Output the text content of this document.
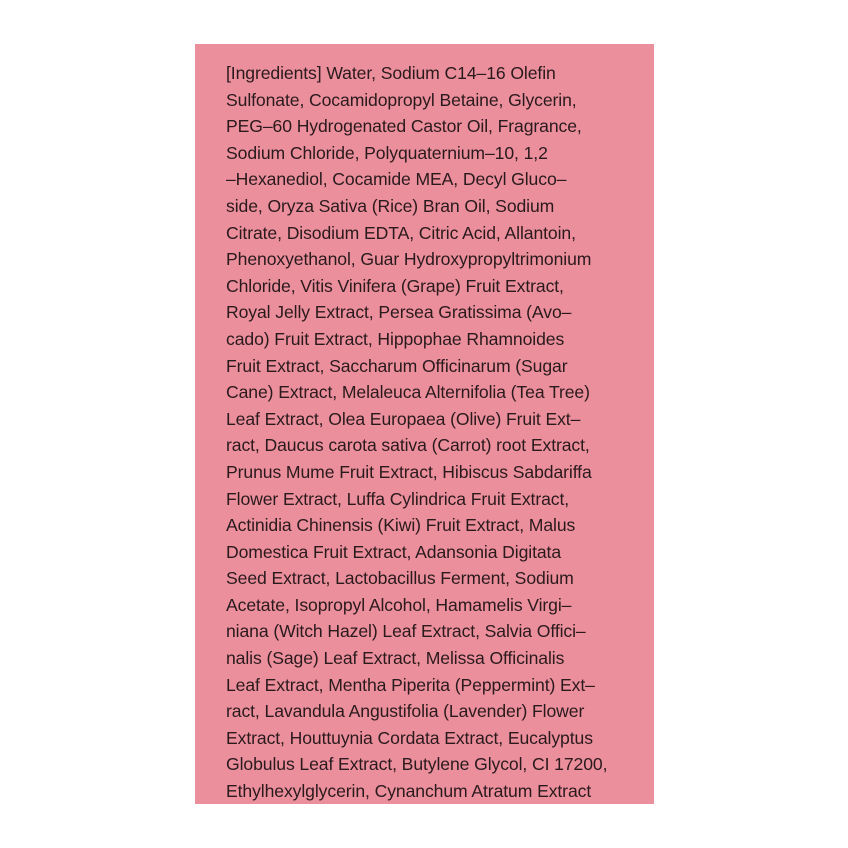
[Ingredients] Water, Sodium C14–16 Olefin
Sulfonate, Cocamidopropyl Betaine, Glycerin,
PEG–60 Hydrogenated Castor Oil, Fragrance,
Sodium Chloride, Polyquaternium–10, 1,2
–Hexanediol, Cocamide MEA, Decyl Gluco–
side, Oryza Sativa (Rice) Bran Oil, Sodium
Citrate, Disodium EDTA, Citric Acid, Allantoin,
Phenoxyethanol, Guar Hydroxypropyltrimonium
Chloride, Vitis Vinifera (Grape) Fruit Extract,
Royal Jelly Extract, Persea Gratissima (Avo–
cado) Fruit Extract, Hippophae Rhamnoides
Fruit Extract, Saccharum Officinarum (Sugar
Cane) Extract, Melaleuca Alternifolia (Tea Tree)
Leaf Extract, Olea Europaea (Olive) Fruit Ext–
ract, Daucus carota sativa (Carrot) root Extract,
Prunus Mume Fruit Extract, Hibiscus Sabdariffa
Flower Extract, Luffa Cylindrica Fruit Extract,
Actinidia Chinensis (Kiwi) Fruit Extract, Malus
Domestica Fruit Extract, Adansonia Digitata
Seed Extract, Lactobacillus Ferment, Sodium
Acetate, Isopropyl Alcohol, Hamamelis Virgi–
niana (Witch Hazel) Leaf Extract, Salvia Offici–
nalis (Sage) Leaf Extract, Melissa Officinalis
Leaf Extract, Mentha Piperita (Peppermint) Ext–
ract, Lavandula Angustifolia (Lavender) Flower
Extract, Houttuynia Cordata Extract, Eucalyptus
Globulus Leaf Extract, Butylene Glycol, CI 17200,
Ethylhexylglycerin, Cynanchum Atratum Extract
